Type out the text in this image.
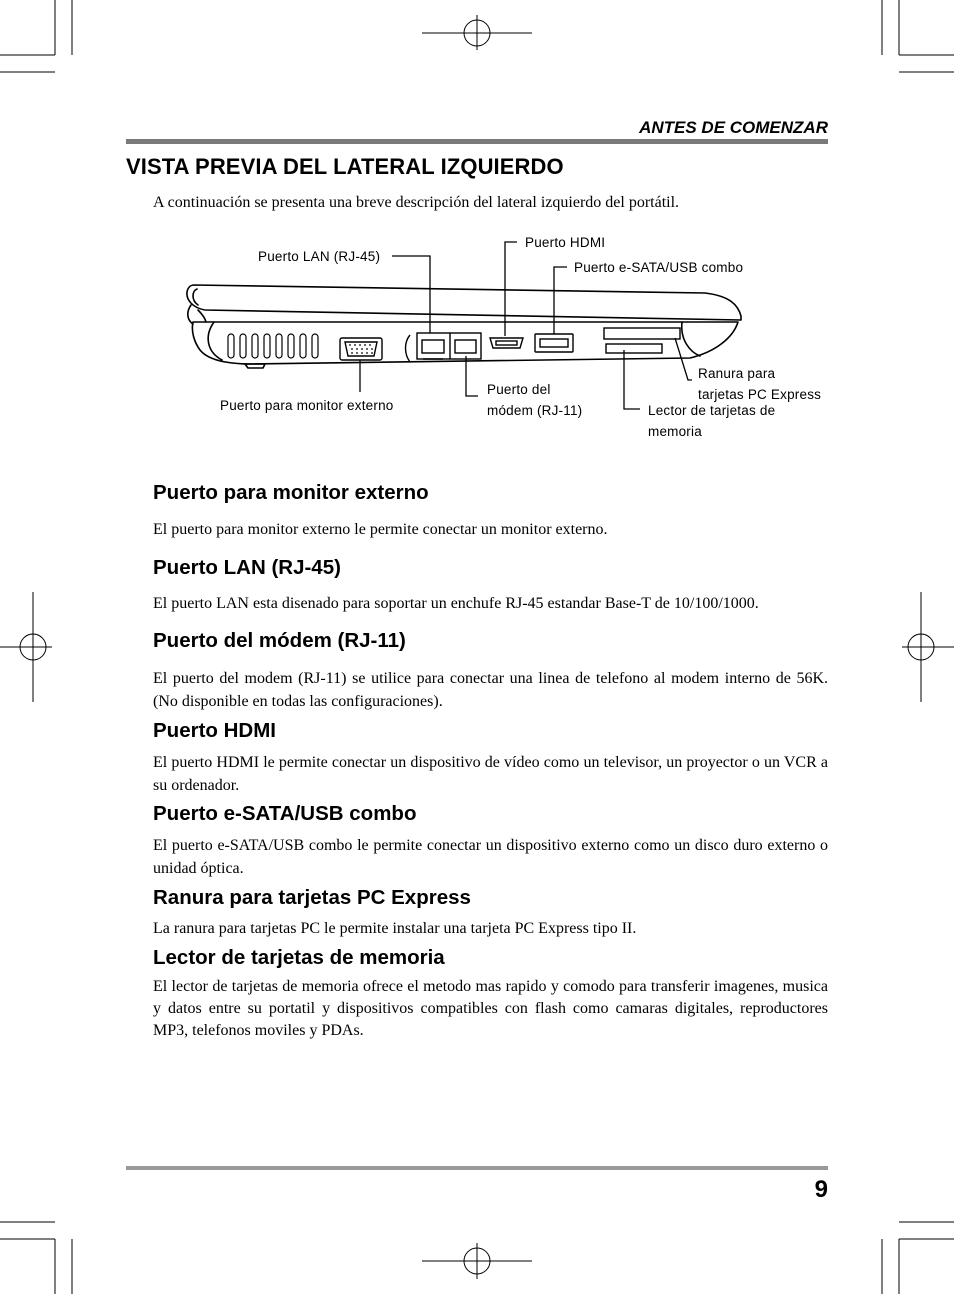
ANTES DE COMENZAR
VISTA PREVIA DEL LATERAL IZQUIERDO

A continuación se presenta una breve descripción del lateral izquierdo del portátil.

Puerto LAN (RJ-45)
Puerto HDMI
Puerto e-SATA/USB combo
Ranura para
tarjetas PC Express
Puerto para monitor externo
Puerto del
módem (RJ-11)	Lector de tarjetas de
memoria
Puerto para monitor externo

El puerto para monitor externo le permite conectar un monitor externo.

Puerto LAN (RJ-45)

El puerto LAN esta disenado para soportar un enchufe RJ-45 estandar Base-T de 10/100/1000.

Puerto del módem (RJ-11)

El puerto del modem (RJ-11) se utilice para conectar una linea de telefono al modem interno de 56K. (No disponible en todas las configuraciones).

Puerto HDMI

El puerto HDMI le permite conectar un dispositivo de vídeo como un televisor, un proyector o un VCR a su ordenador.

Puerto e-SATA/USB combo

El puerto e-SATA/USB combo le permite conectar un dispositivo externo como un disco duro externo o unidad óptica.

Ranura para tarjetas PC Express

La ranura para tarjetas PC le permite instalar una tarjeta PC Express tipo II.

Lector de tarjetas de memoria

El lector de tarjetas de memoria ofrece el metodo mas rapido y comodo para transferir imagenes, musica y datos entre su portatil y dispositivos compatibles con flash como camaras digitales, reproductores MP3, telefonos moviles y PDAs.

9
